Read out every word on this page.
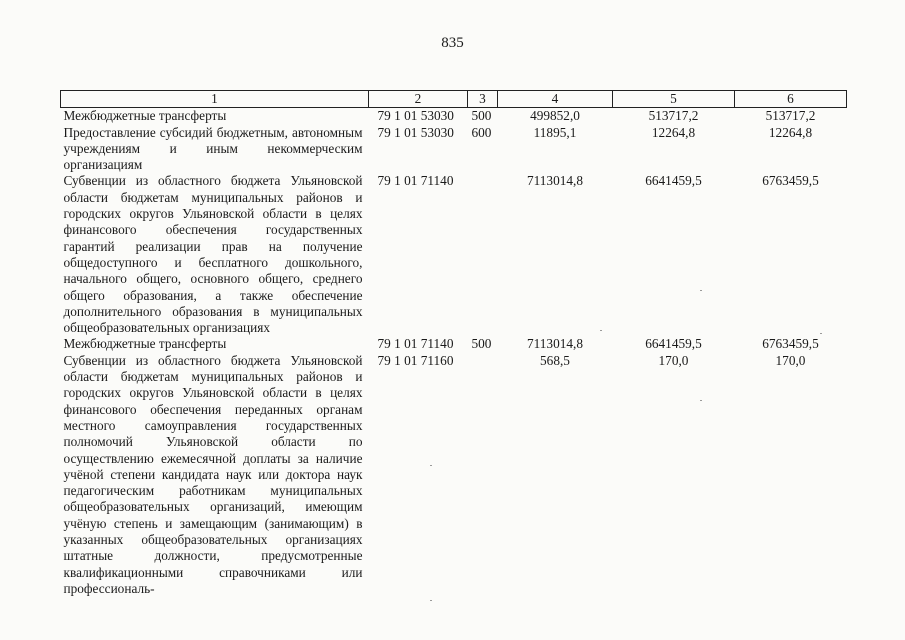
835
1	2	3	4	5	6
Межбюджетные трансферты	79 1 01 53030	500	499852,0	513717,2	513717,2
Предоставление субсидий бюджетным, автономным учреждениям и иным некоммерческим организациям	79 1 01 53030	600	11895,1	12264,8	12264,8
Субвенции из областного бюджета Ульяновской области бюджетам муниципальных районов и городских округов Ульяновской области в целях финансового обеспечения государственных гарантий реализации прав на получение общедоступного и бесплатного дошкольного, начального общего, основного общего, среднего общего образования, а также обеспечение дополнительного образования в муниципальных общеобразовательных организациях	79 1 01 71140		7113014,8	6641459,5	6763459,5
Межбюджетные трансферты	79 1 01 71140	500	7113014,8	6641459,5	6763459,5
Субвенции из областного бюджета Ульяновской области бюджетам муниципальных районов и городских округов Ульяновской области в целях финансового обеспечения переданных органам местного самоуправления государственных полномочий Ульяновской области по осуществлению ежемесячной доплаты за наличие учёной степени кандидата наук или доктора наук педагогическим работникам муниципальных общеобразовательных организаций, имеющим учёную степень и замещающим (занимающим) в указанных общеобразовательных организациях штатные должности, предусмотренные квалификационными справочниками или профессиональ-	79 1 01 71160		568,5	170,0	170,0
